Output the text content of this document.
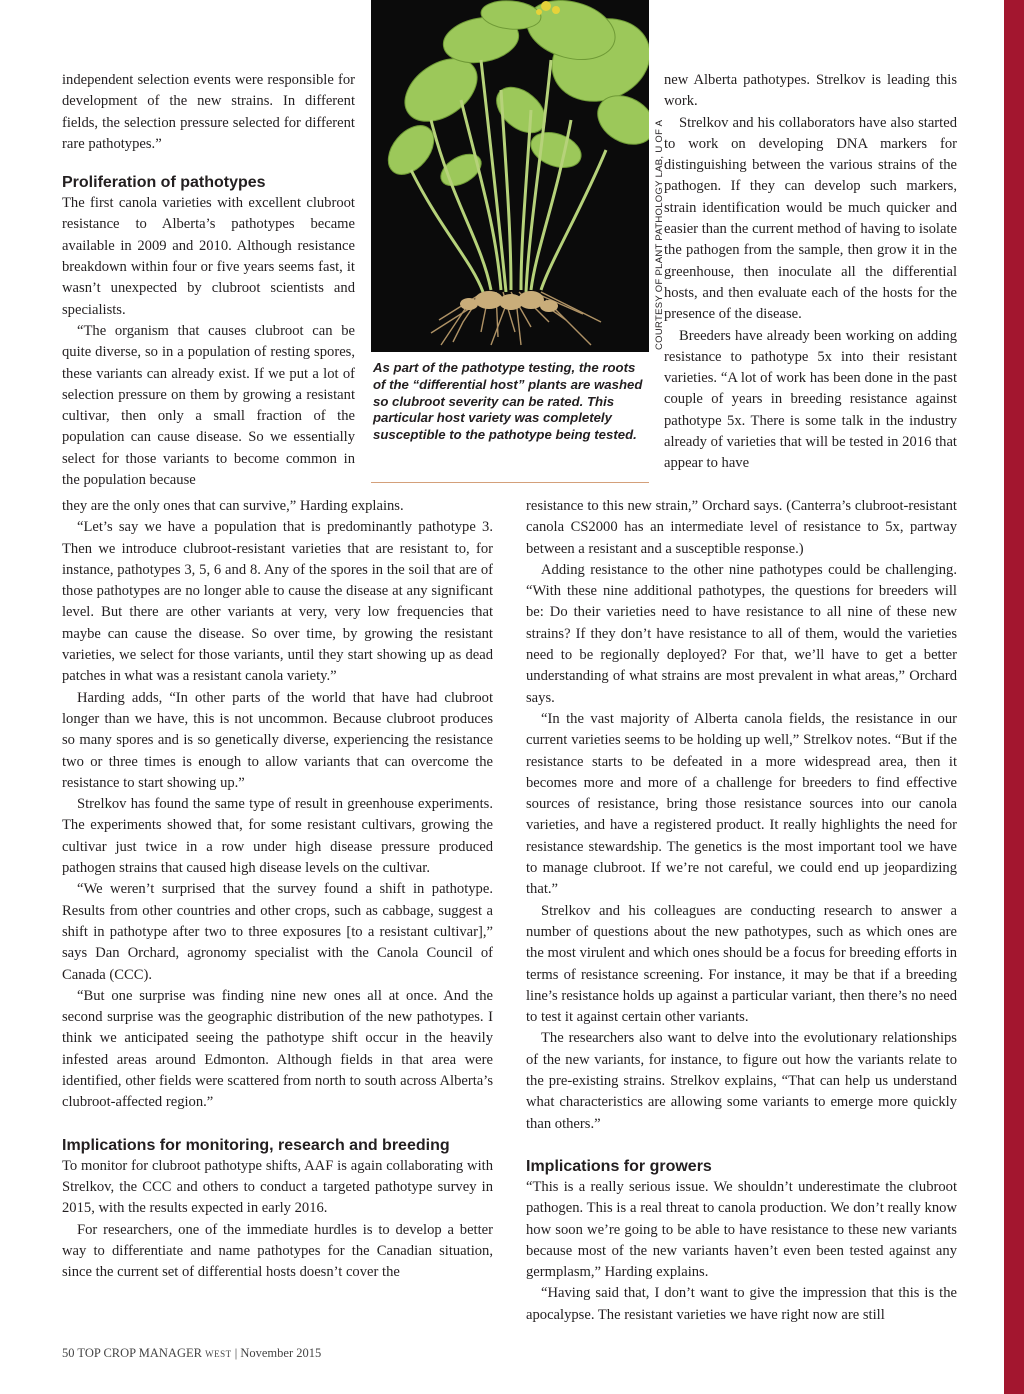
As part of the pathotype testing, the roots of the “differential host” plants are washed so clubroot severity can be rated. This particular host variety was completely susceptible to the pathotype being tested.
COURTESY OF PLANT PATHOLOGY LAB, U OF A

independent selection events were responsible for development of the new strains. In different fields, the selection pressure selected for different rare pathotypes.”

Proliferation of pathotypes

The first canola varieties with excellent clubroot resistance to Alberta’s pathotypes became available in 2009 and 2010. Although resistance breakdown within four or five years seems fast, it wasn’t unexpected by clubroot scientists and specialists.

“The organism that causes clubroot can be quite diverse, so in a population of resting spores, these variants can already exist. If we put a lot of selection pressure on them by growing a resistant cultivar, then only a small fraction of the population can cause disease. So we essentially select for those variants to become common in the population because

they are the only ones that can survive,” Harding explains.

“Let’s say we have a population that is predominantly pathotype 3. Then we introduce clubroot-resistant varieties that are resistant to, for instance, pathotypes 3, 5, 6 and 8. Any of the spores in the soil that are of those pathotypes are no longer able to cause the disease at any significant level. But there are other variants at very, very low frequencies that maybe can cause the disease. So over time, by growing the resistant varieties, we select for those variants, until they start showing up as dead patches in what was a resistant canola variety.”

Harding adds, “In other parts of the world that have had clubroot longer than we have, this is not uncommon. Because clubroot produces so many spores and is so genetically diverse, experiencing the resistance two or three times is enough to allow variants that can overcome the resistance to start showing up.”

Strelkov has found the same type of result in greenhouse experiments. The experiments showed that, for some resistant cultivars, growing the cultivar just twice in a row under high disease pressure produced pathogen strains that caused high disease levels on the cultivar.

“We weren’t surprised that the survey found a shift in pathotype. Results from other countries and other crops, such as cabbage, suggest a shift in pathotype after two to three exposures [to a resistant cultivar],” says Dan Orchard, agronomy specialist with the Canola Council of Canada (CCC).

“But one surprise was finding nine new ones all at once. And the second surprise was the geographic distribution of the new pathotypes. I think we anticipated seeing the pathotype shift occur in the heavily infested areas around Edmonton. Although fields in that area were identified, other fields were scattered from north to south across Alberta’s clubroot-affected region.”

Implications for monitoring, research and breeding

To monitor for clubroot pathotype shifts, AAF is again collaborating with Strelkov, the CCC and others to conduct a targeted pathotype survey in 2015, with the results expected in early 2016.

For researchers, one of the immediate hurdles is to develop a better way to differentiate and name pathotypes for the Canadian situation, since the current set of differential hosts doesn’t cover the

new Alberta pathotypes. Strelkov is leading this work.

Strelkov and his collaborators have also started to work on developing DNA markers for distinguishing between the various strains of the pathogen. If they can develop such markers, strain identification would be much quicker and easier than the current method of having to isolate the pathogen from the sample, then grow it in the greenhouse, then inoculate all the differential hosts, and then evaluate each of the hosts for the presence of the disease.

Breeders have already been working on adding resistance to pathotype 5x into their resistant varieties. “A lot of work has been done in the past couple of years in breeding resistance against pathotype 5x. There is some talk in the industry already of varieties that will be tested in 2016 that appear to have

resistance to this new strain,” Orchard says. (Canterra’s clubroot-resistant canola CS2000 has an intermediate level of resistance to 5x, partway between a resistant and a susceptible response.)

Adding resistance to the other nine pathotypes could be challenging. “With these nine additional pathotypes, the questions for breeders will be: Do their varieties need to have resistance to all nine of these new strains? If they don’t have resistance to all of them, would the varieties need to be regionally deployed? For that, we’ll have to get a better understanding of what strains are most prevalent in what areas,” Orchard says.

“In the vast majority of Alberta canola fields, the resistance in our current varieties seems to be holding up well,” Strelkov notes. “But if the resistance starts to be defeated in a more widespread area, then it becomes more and more of a challenge for breeders to find effective sources of resistance, bring those resistance sources into our canola varieties, and have a registered product. It really highlights the need for resistance stewardship. The genetics is the most important tool we have to manage clubroot. If we’re not careful, we could end up jeopardizing that.”

Strelkov and his colleagues are conducting research to answer a number of questions about the new pathotypes, such as which ones are the most virulent and which ones should be a focus for breeding efforts in terms of resistance screening. For instance, it may be that if a breeding line’s resistance holds up against a particular variant, then there’s no need to test it against certain other variants.

The researchers also want to delve into the evolutionary relationships of the new variants, for instance, to figure out how the variants relate to the pre-existing strains. Strelkov explains, “That can help us understand what characteristics are allowing some variants to emerge more quickly than others.”

Implications for growers

“This is a really serious issue. We shouldn’t underestimate the clubroot pathogen. This is a real threat to canola production. We don’t really know how soon we’re going to be able to have resistance to these new variants because most of the new variants haven’t even been tested against any germplasm,” Harding explains.

“Having said that, I don’t want to give the impression that this is the apocalypse. The resistant varieties we have right now are still

50 TOP CROP MANAGER WEST | November 2015
